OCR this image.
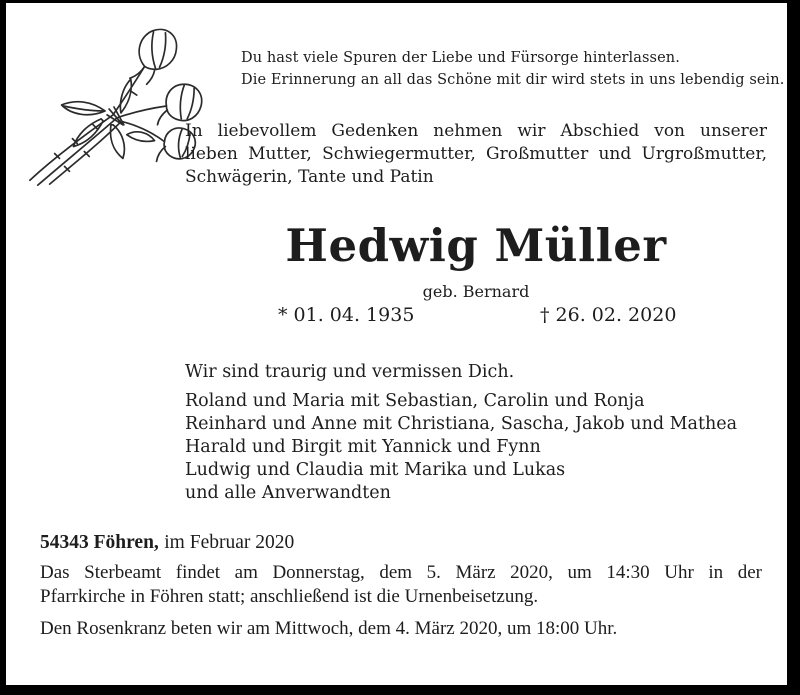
Du hast viele Spuren der Liebe und Fürsorge hinterlassen.
Die Erinnerung an all das Schöne mit dir wird stets in uns lebendig sein.
In liebevollem Gedenken nehmen wir Abschied von unserer
lieben Mutter, Schwiegermutter, Großmutter und Urgroßmutter,
Schwägerin, Tante und Patin
Hedwig Müller
geb. Bernard
* 01. 04. 1935	† 26. 02. 2020
Wir sind traurig und vermissen Dich.
Roland und Maria mit Sebastian, Carolin und Ronja
Reinhard und Anne mit Christiana, Sascha, Jakob und Mathea
Harald und Birgit mit Yannick und Fynn
Ludwig und Claudia mit Marika und Lukas
und alle Anverwandten
54343 Föhren, im Februar 2020
Das Sterbeamt findet am Donnerstag, dem 5. März 2020, um 14:30 Uhr in der
Pfarrkirche in Föhren statt; anschließend ist die Urnenbeisetzung.
Den Rosenkranz beten wir am Mittwoch, dem 4. März 2020, um 18:00 Uhr.
